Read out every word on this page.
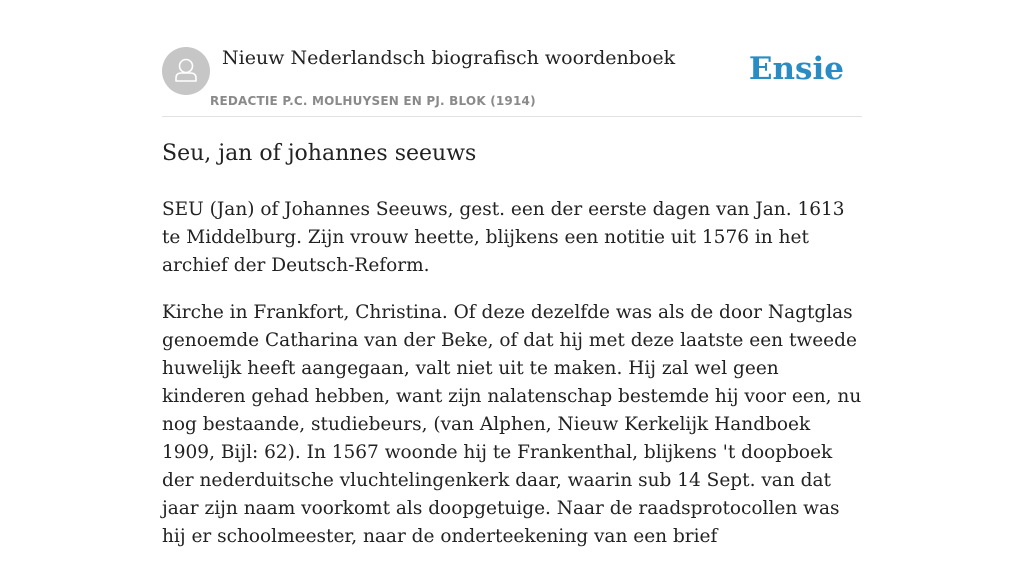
Nieuw Nederlandsch biografisch woordenboek
REDACTIE P.C. MOLHUYSEN EN PJ. BLOK (1914)
Ensie
Seu, jan of johannes seeuws

SEU (Jan) of Johannes Seeuws, gest. een der eerste dagen van Jan. 1613 te Middelburg. Zijn vrouw heette, blijkens een notitie uit 1576 in het archief der Deutsch-Reform.

Kirche in Frankfort, Christina. Of deze dezelfde was als de door Nagtglas genoemde Catharina van der Beke, of dat hij met deze laatste een tweede huwelijk heeft aangegaan, valt niet uit te maken. Hij zal wel geen kinderen gehad hebben, want zijn nalatenschap bestemde hij voor een, nu nog bestaande, studiebeurs, (van Alphen, Nieuw Kerkelijk Handboek 1909, Bijl: 62). In 1567 woonde hij te Frankenthal, blijkens 't doopboek der nederduitsche vluchtelingenkerk daar, waarin sub 14 Sept. van dat jaar zijn naam voorkomt als doopgetuige. Naar de raadsprotocollen was hij er schoolmeester, naar de onderteekening van een brief
